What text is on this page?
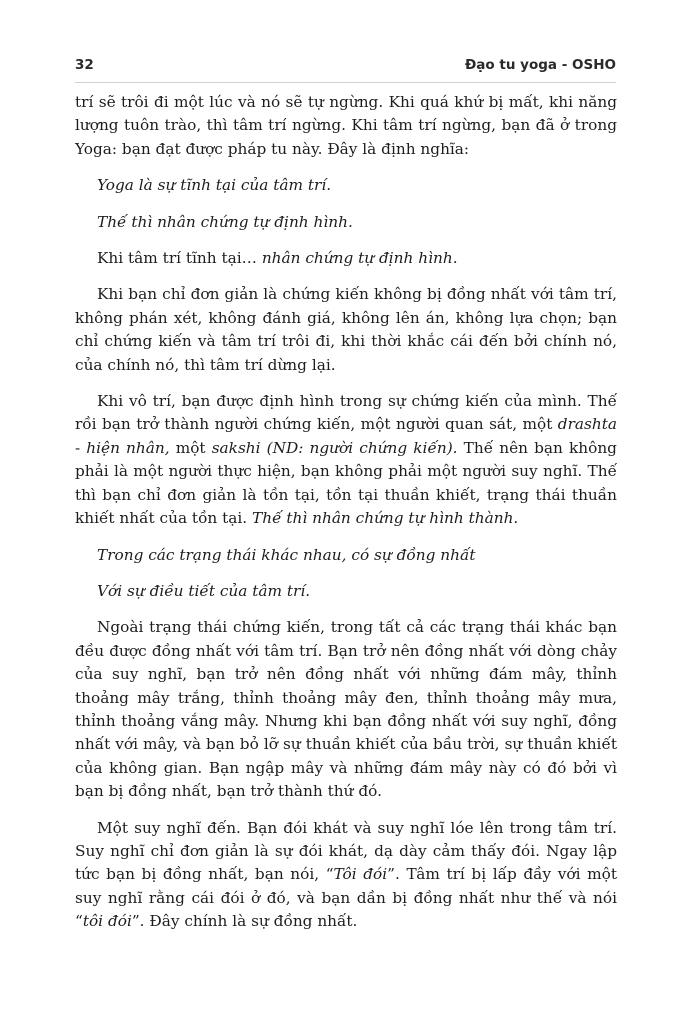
32	Đạo tu yoga - OSHO

trí sẽ trôi đi một lúc và nó sẽ tự ngừng. Khi quá khứ bị mất, khi năng lượng tuôn trào, thì tâm trí ngừng. Khi tâm trí ngừng, bạn đã ở trong Yoga: bạn đạt được pháp tu này. Đây là định nghĩa:

Yoga là sự tĩnh tại của tâm trí.

Thế thì nhân chứng tự định hình.

Khi tâm trí tĩnh tại… nhân chứng tự định hình.

Khi bạn chỉ đơn giản là chứng kiến không bị đồng nhất với tâm trí, không phán xét, không đánh giá, không lên án, không lựa chọn; bạn chỉ chứng kiến và tâm trí trôi đi, khi thời khắc cái đến bởi chính nó, của chính nó, thì tâm trí dừng lại.

Khi vô trí, bạn được định hình trong sự chứng kiến của mình. Thế rồi bạn trở thành người chứng kiến, một người quan sát, một drashta - hiện nhân, một sakshi (ND: người chứng kiến). Thế nên bạn không phải là một người thực hiện, bạn không phải một người suy nghĩ. Thế thì bạn chỉ đơn giản là tồn tại, tồn tại thuần khiết, trạng thái thuần khiết nhất của tồn tại. Thế thì nhân chứng tự hình thành.

Trong các trạng thái khác nhau, có sự đồng nhất

Với sự điều tiết của tâm trí.

Ngoài trạng thái chứng kiến, trong tất cả các trạng thái khác bạn đều được đồng nhất với tâm trí. Bạn trở nên đồng nhất với dòng chảy của suy nghĩ, bạn trở nên đồng nhất với những đám mây, thỉnh thoảng mây trắng, thỉnh thoảng mây đen, thỉnh thoảng mây mưa, thỉnh thoảng vắng mây. Nhưng khi bạn đồng nhất với suy nghĩ, đồng nhất với mây, và bạn bỏ lỡ sự thuần khiết của bầu trời, sự thuần khiết của không gian. Bạn ngập mây và những đám mây này có đó bởi vì bạn bị đồng nhất, bạn trở thành thứ đó.

Một suy nghĩ đến. Bạn đói khát và suy nghĩ lóe lên trong tâm trí. Suy nghĩ chỉ đơn giản là sự đói khát, dạ dày cảm thấy đói. Ngay lập tức bạn bị đồng nhất, bạn nói, “Tôi đói”. Tâm trí bị lấp đầy với một suy nghĩ rằng cái đói ở đó, và bạn dần bị đồng nhất như thế và nói “tôi đói”. Đây chính là sự đồng nhất.
